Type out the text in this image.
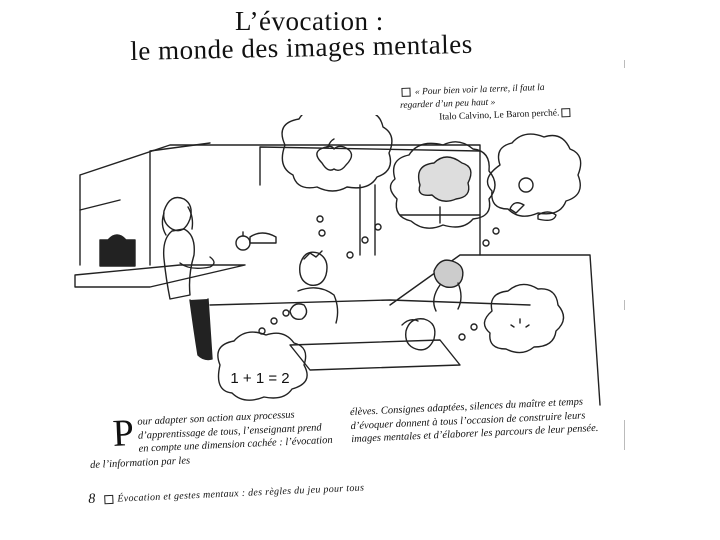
L’évocation :
le monde des images mentales
« Pour bien voir la terre, il faut la regarder d’un peu haut »
Italo Calvino, Le Baron perché.
1 + 1 = 2
P our adapter son action aux processus d’apprentissage de tous, l’enseignant prend en compte une dimension cachée : l’évocation de l’information par les
élèves. Consignes adaptées, silences du maître et temps d’évoquer donnent à tous l’occasion de construire leurs images mentales et d’élaborer les parcours de leur pensée.
8 Évocation et gestes mentaux : des règles du jeu pour tous
